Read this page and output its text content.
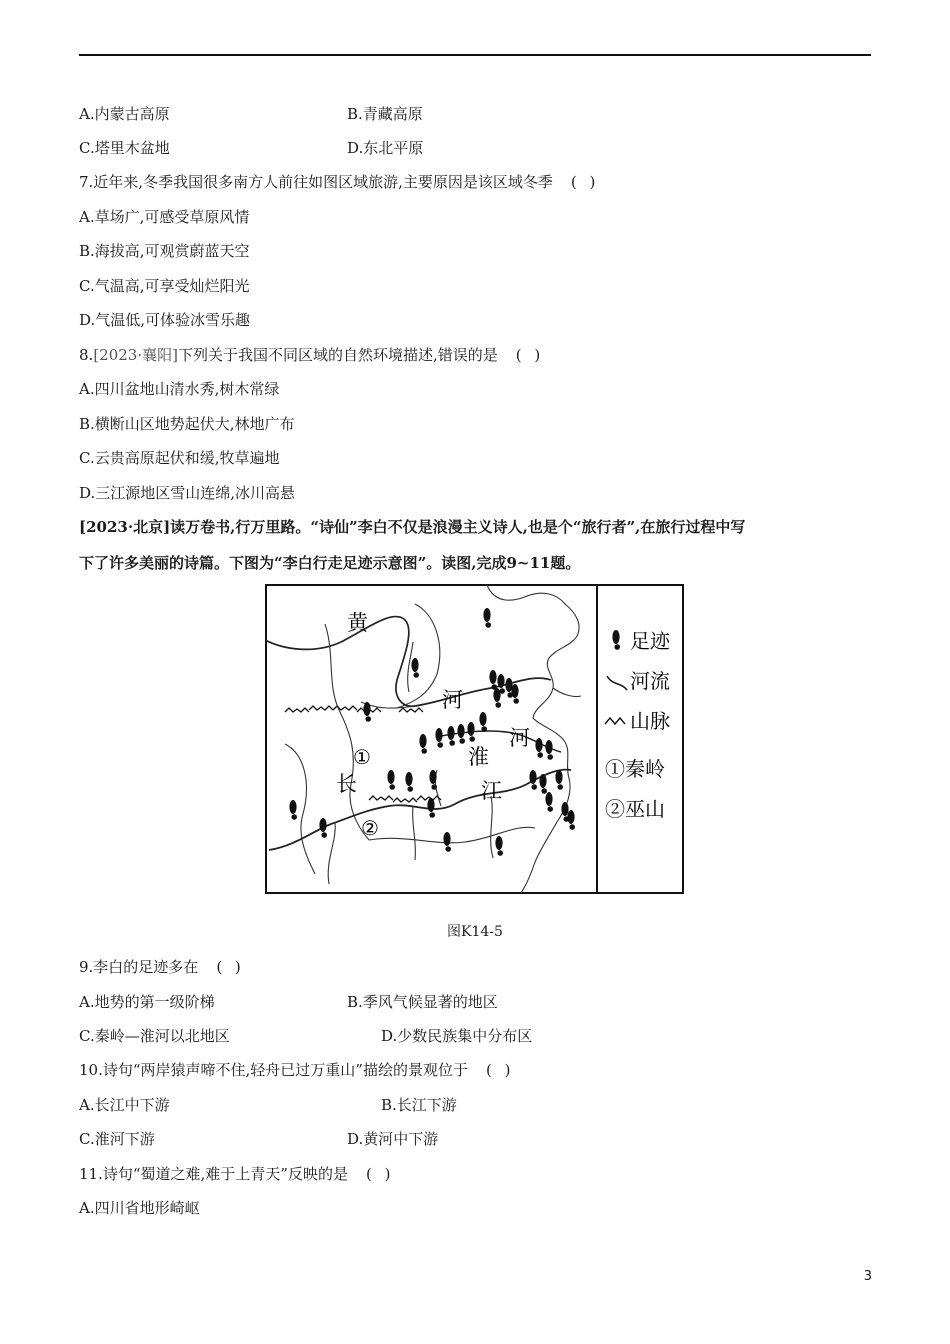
A.内蒙古高原	B.青藏高原
C.塔里木盆地	D.东北平原
7.近年来,冬季我国很多南方人前往如图区域旅游,主要原因是该区域冬季 ( )
A.草场广,可感受草原风情
B.海拔高,可观赏蔚蓝天空
C.气温高,可享受灿烂阳光
D.气温低,可体验冰雪乐趣
8.[2023·襄阳]下列关于我国不同区域的自然环境描述,错误的是 ( )
A.四川盆地山清水秀,树木常绿
B.横断山区地势起伏大,林地广布
C.云贵高原起伏和缓,牧草遍地
D.三江源地区雪山连绵,冰川高悬
[2023·北京]读万卷书,行万里路。“诗仙”李白不仅是浪漫主义诗人,也是个“旅行者”,在旅行过程中写
下了许多美丽的诗篇。下图为“李白行走足迹示意图”。读图,完成9~11题。
黄
河
河
淮
长	江
①
②
足迹
河流
山脉
①秦岭
②巫山
图K14-5
9.李白的足迹多在 ( )
A.地势的第一级阶梯	B.季风气候显著的地区
C.秦岭—淮河以北地区	D.少数民族集中分布区
10.诗句“两岸猿声啼不住,轻舟已过万重山”描绘的景观位于 ( )
A.长江中下游	B.长江下游
C.淮河下游	D.黄河中下游
11.诗句“蜀道之难,难于上青天”反映的是 ( )
A.四川省地形崎岖
3
